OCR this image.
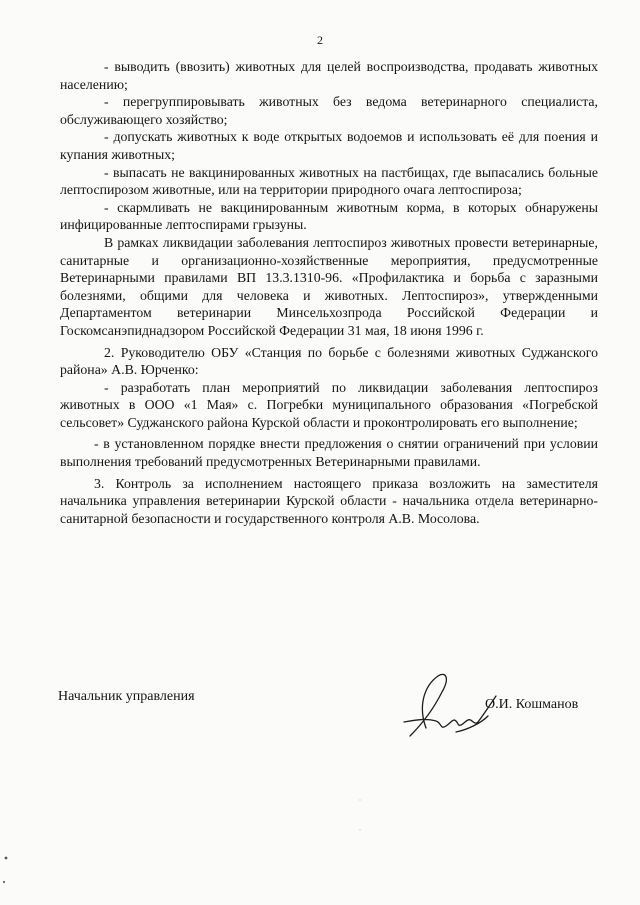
2

- выводить (ввозить) животных для целей воспроизводства, продавать животных населению;

- перегруппировывать животных без ведома ветеринарного специалиста, обслуживающего хозяйство;

- допускать животных к воде открытых водоемов и использовать её для поения и купания животных;

- выпасать не вакцинированных животных на пастбищах, где выпасались больные лептоспирозом животные, или на территории природного очага лептоспироза;

- скармливать не вакцинированным животным корма, в которых обнаружены инфицированные лептоспирами грызуны.

В рамках ликвидации заболевания лептоспироз животных провести ветеринарные, санитарные и организационно-хозяйственные мероприятия, предусмотренные Ветеринарными правилами ВП 13.3.1310-96. «Профилактика и борьба с заразными болезнями, общими для человека и животных. Лептоспироз», утвержденными Департаментом ветеринарии Минсельхозпрода Российской Федерации и Госкомсанэпиднадзором Российской Федерации 31 мая, 18 июня 1996 г.

2. Руководителю ОБУ «Станция по борьбе с болезнями животных Суджанского района» А.В. Юрченко:

- разработать план мероприятий по ликвидации заболевания лептоспироз животных в ООО «1 Мая» с. Погребки муниципального образования «Погребской сельсовет» Суджанского района Курской области и проконтролировать его выполнение;

- в установленном порядке внести предложения о снятии ограничений при условии выполнения требований предусмотренных Ветеринарными правилами.

3. Контроль за исполнением настоящего приказа возложить на заместителя начальника управления ветеринарии Курской области - начальника отдела ветеринарно-санитарной безопасности и государственного контроля А.В. Мосолова.

Начальник управления
О.И. Кошманов
